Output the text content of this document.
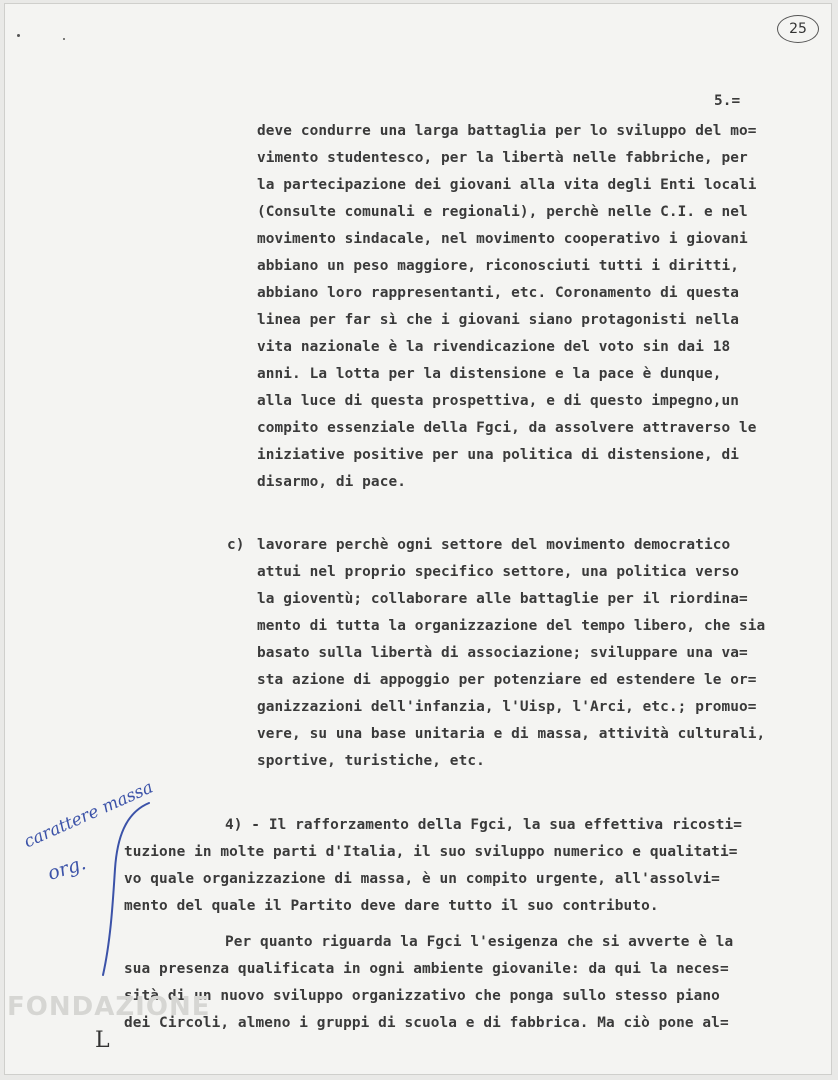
25
5.=
deve condurre una larga battaglia per lo sviluppo del mo=
vimento studentesco, per la libertà nelle fabbriche, per
la partecipazione dei giovani alla vita degli Enti locali
(Consulte comunali e regionali), perchè nelle C.I. e nel
movimento sindacale, nel movimento cooperativo i giovani
abbiano un peso maggiore, riconosciuti tutti i diritti,
abbiano loro rappresentanti, etc. Coronamento di questa
linea per far sì che i giovani siano protagonisti nella
vita nazionale è la rivendicazione del voto sin dai 18
anni. La lotta per la distensione e la pace è dunque,
alla luce di questa prospettiva, e di questo impegno,un
compito essenziale della Fgci, da assolvere attraverso le
iniziative positive per una politica di distensione, di
disarmo, di pace.
c) lavorare perchè ogni settore del movimento democratico
attui nel proprio specifico settore, una politica verso
la gioventù; collaborare alle battaglie per il riordina=
mento di tutta la organizzazione del tempo libero, che sia
basato sulla libertà di associazione; sviluppare una va=
sta azione di appoggio per potenziare ed estendere le or=
ganizzazioni dell'infanzia, l'Uisp, l'Arci, etc.; promuo=
vere, su una base unitaria e di massa, attività culturali,
sportive, turistiche, etc.
4) - Il rafforzamento della Fgci, la sua effettiva ricosti=
tuzione in molte parti d'Italia, il suo sviluppo numerico e qualitati=
vo quale organizzazione di massa, è un compito urgente, all'assolvi=
mento del quale il Partito deve dare tutto il suo contributo.
Per quanto riguarda la Fgci l'esigenza che si avverte è la
sua presenza qualificata in ogni ambiente giovanile: da qui la neces=
sità di un nuovo sviluppo organizzativo che ponga sullo stesso piano
dei Circoli, almeno i gruppi di scuola e di fabbrica. Ma ciò pone al=
carattere massa
org.
L
FONDAZIONE
